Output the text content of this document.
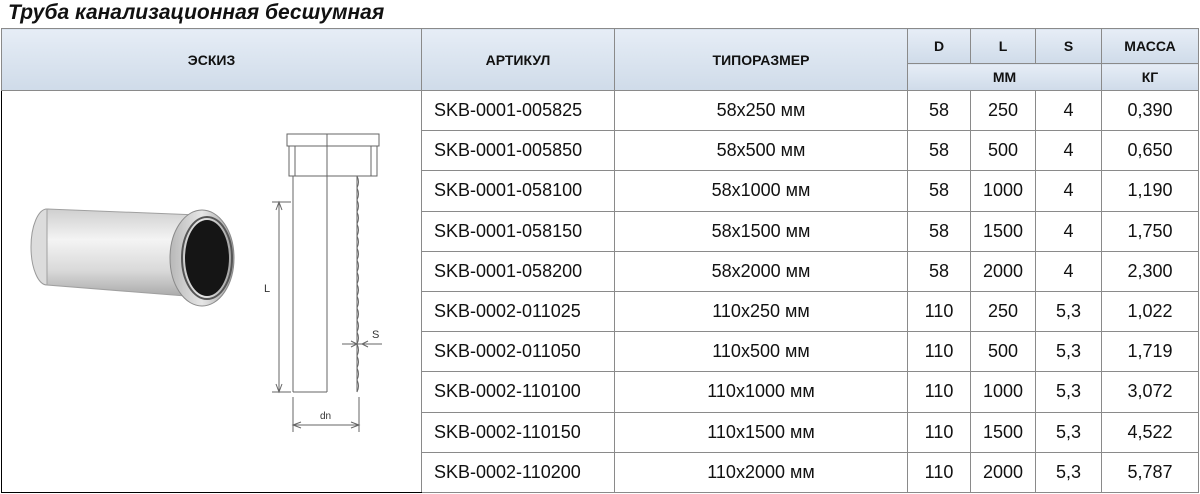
Труба канализационная бесшумная
ЭСКИЗ	АРТИКУЛ	ТИПОРАЗМЕР	D	L	S	МАССА
			ММ			КГ

L
S
dn	SKB-0001-005825	58х250 мм	58	250	4	0,390
	SKB-0001-005850	58х500 мм	58	500	4	0,650
	SKB-0001-058100	58х1000 мм	58	1000	4	1,190
	SKB-0001-058150	58х1500 мм	58	1500	4	1,750
	SKB-0001-058200	58х2000 мм	58	2000	4	2,300
	SKB-0002-011025	110х250 мм	110	250	5,3	1,022
	SKB-0002-011050	110х500 мм	110	500	5,3	1,719
	SKB-0002-110100	110х1000 мм	110	1000	5,3	3,072
	SKB-0002-110150	110х1500 мм	110	1500	5,3	4,522
	SKB-0002-110200	110х2000 мм	110	2000	5,3	5,787
